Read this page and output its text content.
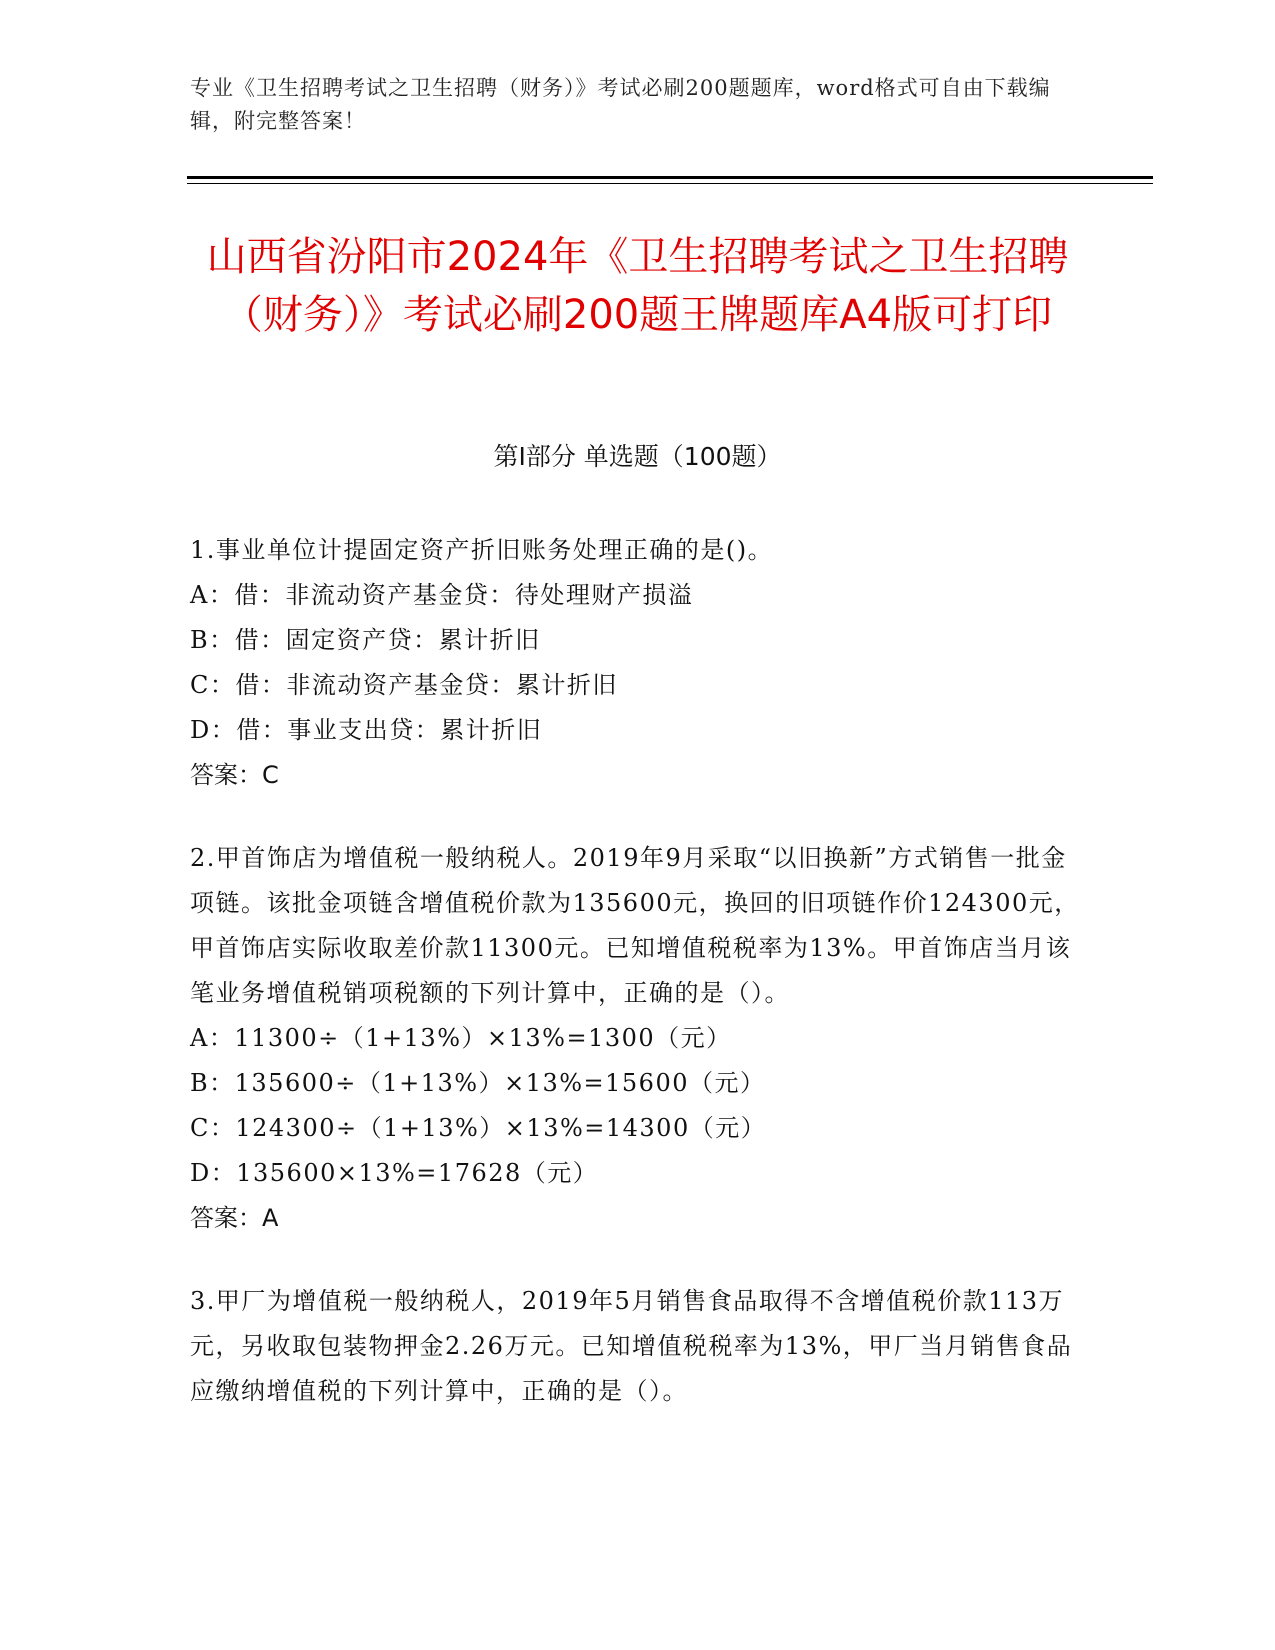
专业《卫生招聘考试之卫生招聘（财务）》考试必刷200题题库，word格式可自由下载编辑，附完整答案！
山西省汾阳市2024年《卫生招聘考试之卫生招聘（财务）》考试必刷200题王牌题库A4版可打印
第I部分 单选题（100题）

1.事业单位计提固定资产折旧账务处理正确的是()。

A：借：非流动资产基金贷：待处理财产损溢

B：借：固定资产贷：累计折旧

C：借：非流动资产基金贷：累计折旧

D：借：事业支出贷：累计折旧

答案：C

2.甲首饰店为增值税一般纳税人。2019年9月采取“以旧换新”方式销售一批金项链。该批金项链含增值税价款为135600元，换回的旧项链作价124300元，甲首饰店实际收取差价款11300元。已知增值税税率为13%。甲首饰店当月该笔业务增值税销项税额的下列计算中，正确的是（）。

A：11300÷（1+13%）×13%=1300（元）

B：135600÷（1+13%）×13%=15600（元）

C：124300÷（1+13%）×13%=14300（元）

D：135600×13%=17628（元）

答案：A

3.甲厂为增值税一般纳税人，2019年5月销售食品取得不含增值税价款113万元，另收取包装物押金2.26万元。已知增值税税率为13%，甲厂当月销售食品应缴纳增值税的下列计算中，正确的是（）。
